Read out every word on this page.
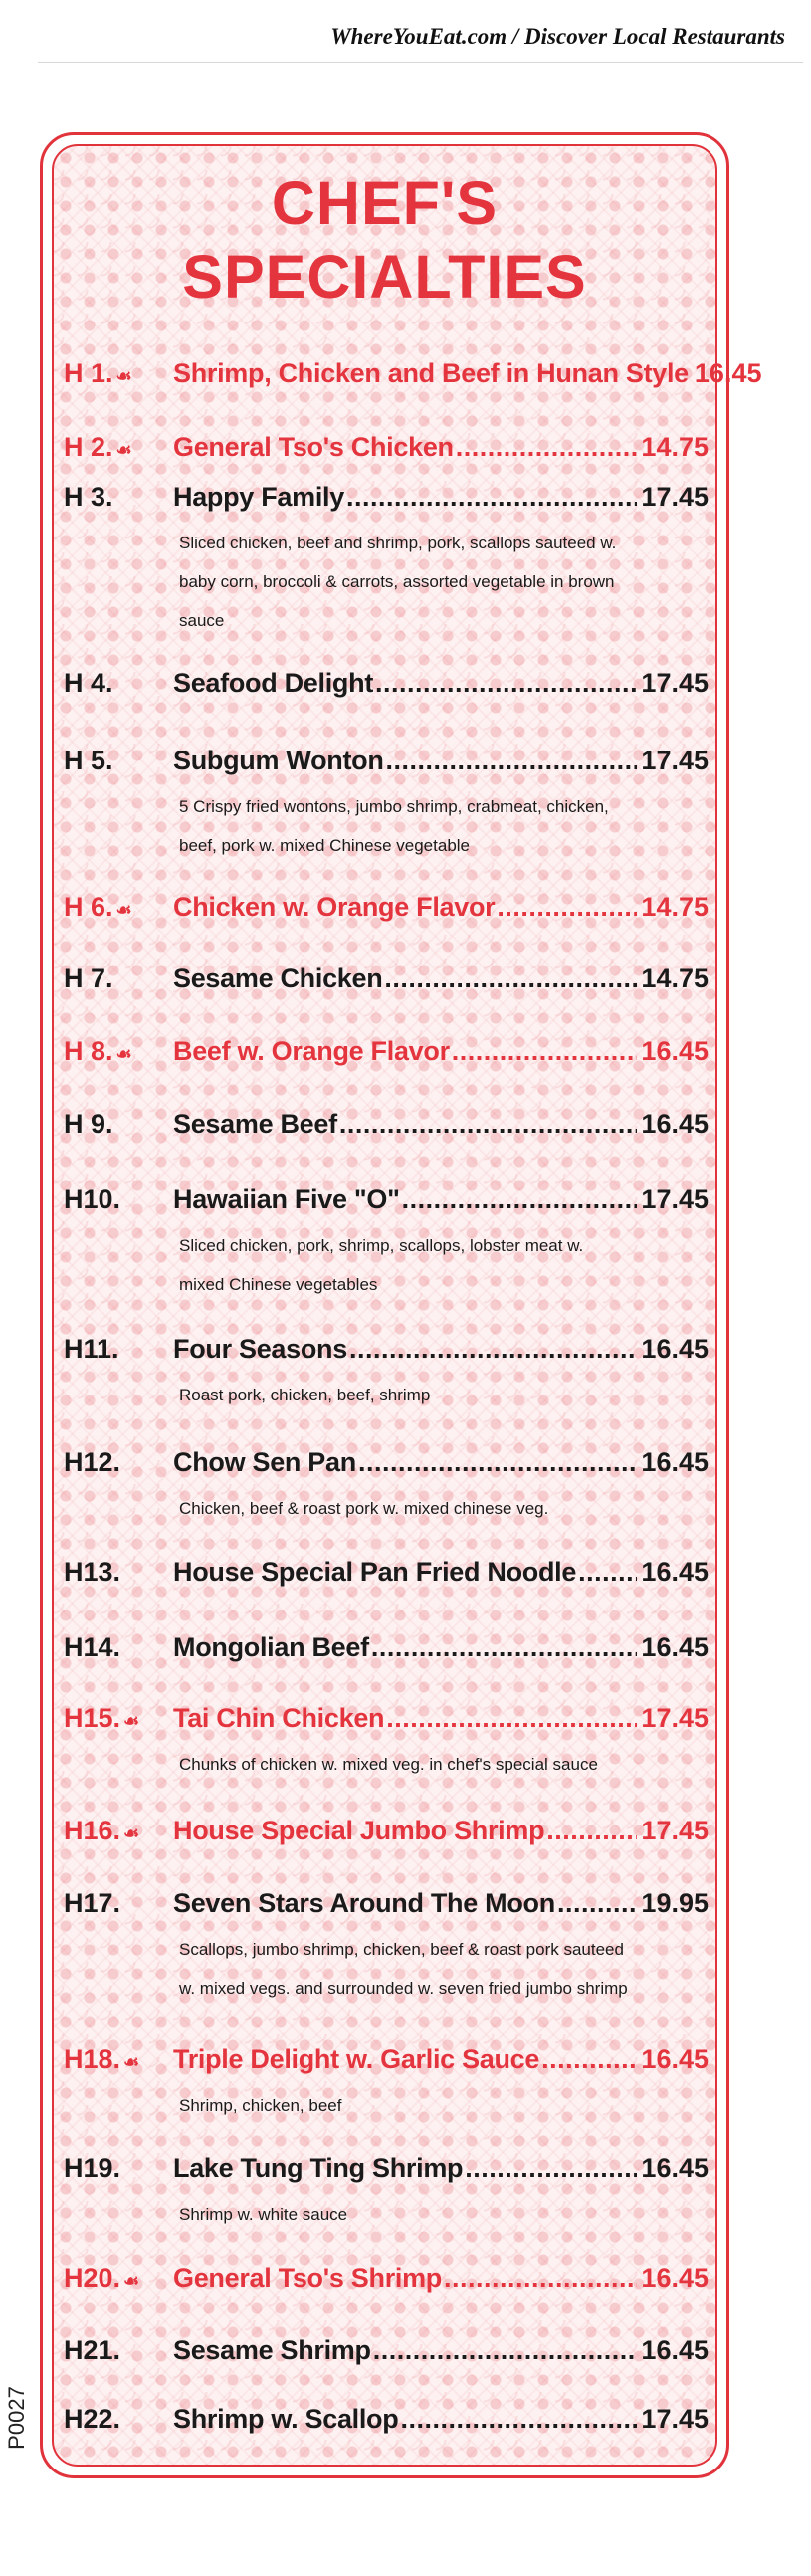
WhereYouEat.com / Discover Local Restaurants
CHEF'S
SPECIALTIES
H 1. ☙ Shrimp, Chicken and Beef in Hunan Style 16.45
H 2. ☙ General Tso's Chicken .....	14.75
H 3. Happy Family .....	17.45
Sliced chicken, beef and shrimp, pork, scallops sauteed w.
baby corn, broccoli & carrots, assorted vegetable in brown
sauce
H 4. Seafood Delight .....	17.45
H 5. Subgum Wonton .....	17.45
5 Crispy fried wontons, jumbo shrimp, crabmeat, chicken,
beef, pork w. mixed Chinese vegetable
H 6. ☙ Chicken w. Orange Flavor .....	14.75
H 7. Sesame Chicken .....	14.75
H 8. ☙ Beef w. Orange Flavor .....	16.45
H 9. Sesame Beef .....	16.45
H10. Hawaiian Five "O" .....	17.45
Sliced chicken, pork, shrimp, scallops, lobster meat w.
mixed Chinese vegetables
H11. Four Seasons .....	16.45
Roast pork, chicken, beef, shrimp
H12. Chow Sen Pan .....	16.45
Chicken, beef & roast pork w. mixed chinese veg.
H13. House Special Pan Fried Noodle ..... 16.45
H14. Mongolian Beef .....	16.45
H15. ☙ Tai Chin Chicken .....	17.45
Chunks of chicken w. mixed veg. in chef's special sauce
H16. ☙ House Special Jumbo Shrimp .....	17.45
H17. Seven Stars Around The Moon .....	19.95
Scallops, jumbo shrimp, chicken, beef & roast pork sauteed
w. mixed vegs. and surrounded w. seven fried jumbo shrimp
H18. ☙ Triple Delight w. Garlic Sauce .....	16.45
Shrimp, chicken, beef
H19. Lake Tung Ting Shrimp .....	16.45
Shrimp w. white sauce
H20. ☙ General Tso's Shrimp .....	16.45
H21. Sesame Shrimp .....	16.45
H22. Shrimp w. Scallop .....	17.45
P0027
